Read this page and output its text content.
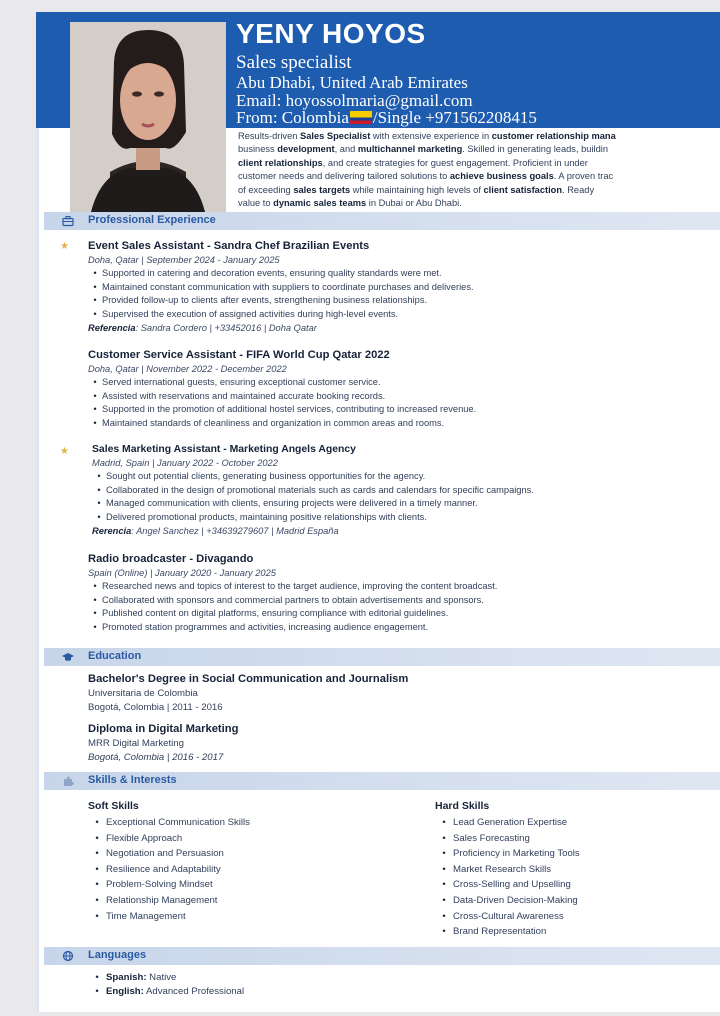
YENY HOYOS
Sales specialist
Abu Dhabi, United Arab Emirates
Email: hoyossolmaria@gmail.com
From: Colombia /Single +971562208415
Results-driven Sales Specialist with extensive experience in customer relationship mana
business development, and multichannel marketing. Skilled in generating leads, buildin
client relationships, and create strategies for guest engagement. Proficient in under
customer needs and delivering tailored solutions to achieve business goals. A proven trac
of exceeding sales targets while maintaining high levels of client satisfaction. Ready
value to dynamic sales teams in Dubai or Abu Dhabi.
Professional Experience
★ Event Sales Assistant - Sandra Chef Brazilian Events
Doha, Qatar | September 2024 - January 2025
• Supported in catering and decoration events, ensuring quality standards were met.
• Maintained constant communication with suppliers to coordinate purchases and deliveries.
• Provided follow-up to clients after events, strengthening business relationships.
• Supervised the execution of assigned activities during high-level events.
Referencia: Sandra Cordero | +33452016 | Doha Qatar
Customer Service Assistant - FIFA World Cup Qatar 2022
Doha, Qatar | November 2022 - December 2022
• Served international guests, ensuring exceptional customer service.
• Assisted with reservations and maintained accurate booking records.
• Supported in the promotion of additional hostel services, contributing to increased revenue.
• Maintained standards of cleanliness and organization in common areas and rooms.
★ Sales Marketing Assistant - Marketing Angels Agency
Madrid, Spain | January 2022 - October 2022
• Sought out potential clients, generating business opportunities for the agency.
• Collaborated in the design of promotional materials such as cards and calendars for specific campaigns.
• Managed communication with clients, ensuring projects were delivered in a timely manner.
• Delivered promotional products, maintaining positive relationships with clients.
Rerencia: Angel Sanchez | +34639279607 | Madrid España
Radio broadcaster - Divagando
Spain (Online) | January 2020 - January 2025
• Researched news and topics of interest to the target audience, improving the content broadcast.
• Collaborated with sponsors and commercial partners to obtain advertisements and sponsors.
• Published content on digital platforms, ensuring compliance with editorial guidelines.
• Promoted station programmes and activities, increasing audience engagement.
Education
Bachelor's Degree in Social Communication and Journalism
Universitaria de Colombia
Bogotá, Colombia | 2011 - 2016
Diploma in Digital Marketing
MRR Digital Marketing
Bogotá, Colombia | 2016 - 2017
Skills & Interests
Soft Skills
• Exceptional Communication Skills
• Flexible Approach
• Negotiation and Persuasion
• Resilience and Adaptability
• Problem-Solving Mindset
• Relationship Management
• Time Management
Hard Skills
• Lead Generation Expertise
• Sales Forecasting
• Proficiency in Marketing Tools
• Market Research Skills
• Cross-Selling and Upselling
• Data-Driven Decision-Making
• Cross-Cultural Awareness
• Brand Representation
Languages
• Spanish: Native
• English: Advanced Professional
